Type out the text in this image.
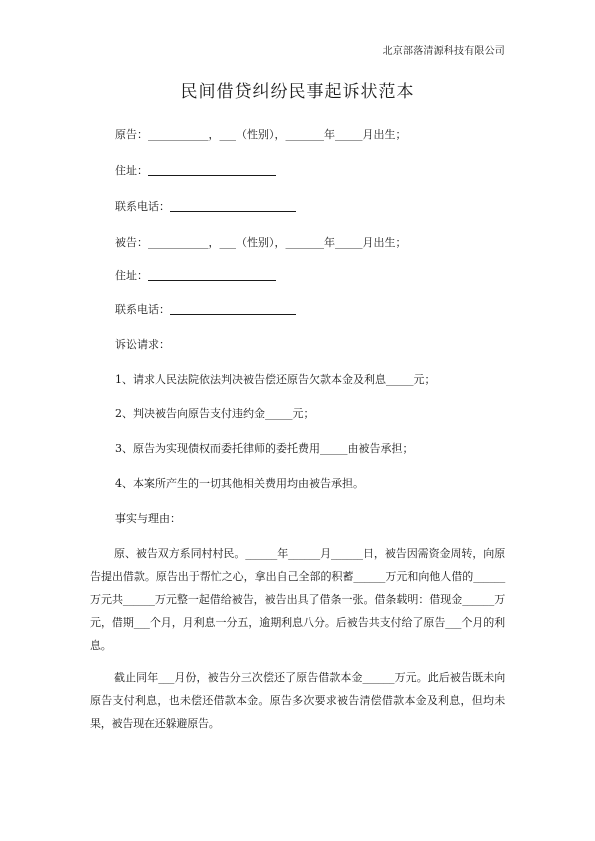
北京部落清源科技有限公司
民间借贷纠纷民事起诉状范本
原告：___________，___（性别），_______年_____月出生；
住址：
联系电话：
被告：___________，___（性别），_______年_____月出生；
住址：
联系电话：
诉讼请求：
1、请求人民法院依法判决被告偿还原告欠款本金及利息_____元；
2、判决被告向原告支付违约金_____元；
3、原告为实现债权而委托律师的委托费用_____由被告承担；
4、本案所产生的一切其他相关费用均由被告承担。
事实与理由：
原、被告双方系同村村民。______年______月______日，被告因需资金周转，向原告提出借款。原告出于帮忙之心，拿出自己全部的积蓄______万元和向他人借的______万元共______万元整一起借给被告，被告出具了借条一张。借条载明：借现金______万元，借期___个月，月利息一分五，逾期利息八分。后被告共支付给了原告___个月的利息。
截止同年___月份，被告分三次偿还了原告借款本金______万元。此后被告既未向原告支付利息，也未偿还借款本金。原告多次要求被告清偿借款本金及利息，但均未果，被告现在还躲避原告。
